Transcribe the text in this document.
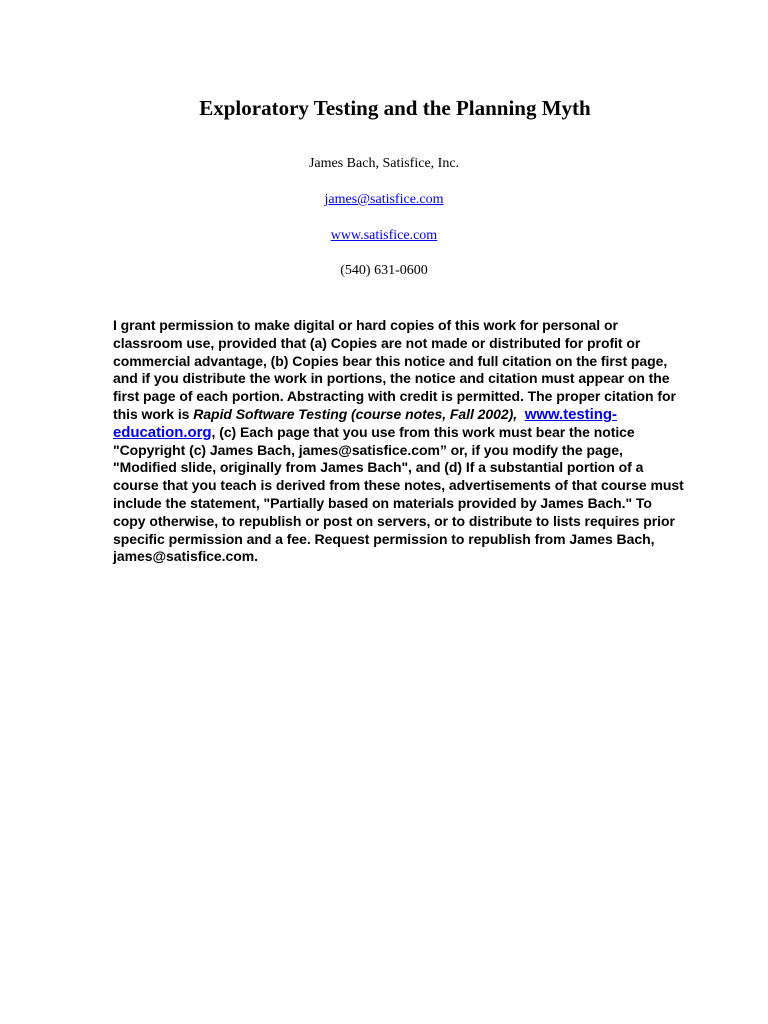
Exploratory Testing and the Planning Myth
James Bach, Satisfice, Inc.
james@satisfice.com
www.satisfice.com
(540) 631-0600

I grant permission to make digital or hard copies of this work for personal or classroom use, provided that (a) Copies are not made or distributed for profit or commercial advantage, (b) Copies bear this notice and full citation on the first page, and if you distribute the work in portions, the notice and citation must appear on the first page of each portion. Abstracting with credit is permitted. The proper citation for this work is Rapid Software Testing (course notes, Fall 2002), www.testing-education.org, (c) Each page that you use from this work must bear the notice "Copyright (c) James Bach, james@satisfice.com” or, if you modify the page, "Modified slide, originally from James Bach", and (d) If a substantial portion of a course that you teach is derived from these notes, advertisements of that course must include the statement, "Partially based on materials provided by James Bach." To copy otherwise, to republish or post on servers, or to distribute to lists requires prior specific permission and a fee. Request permission to republish from James Bach, james@satisfice.com.
